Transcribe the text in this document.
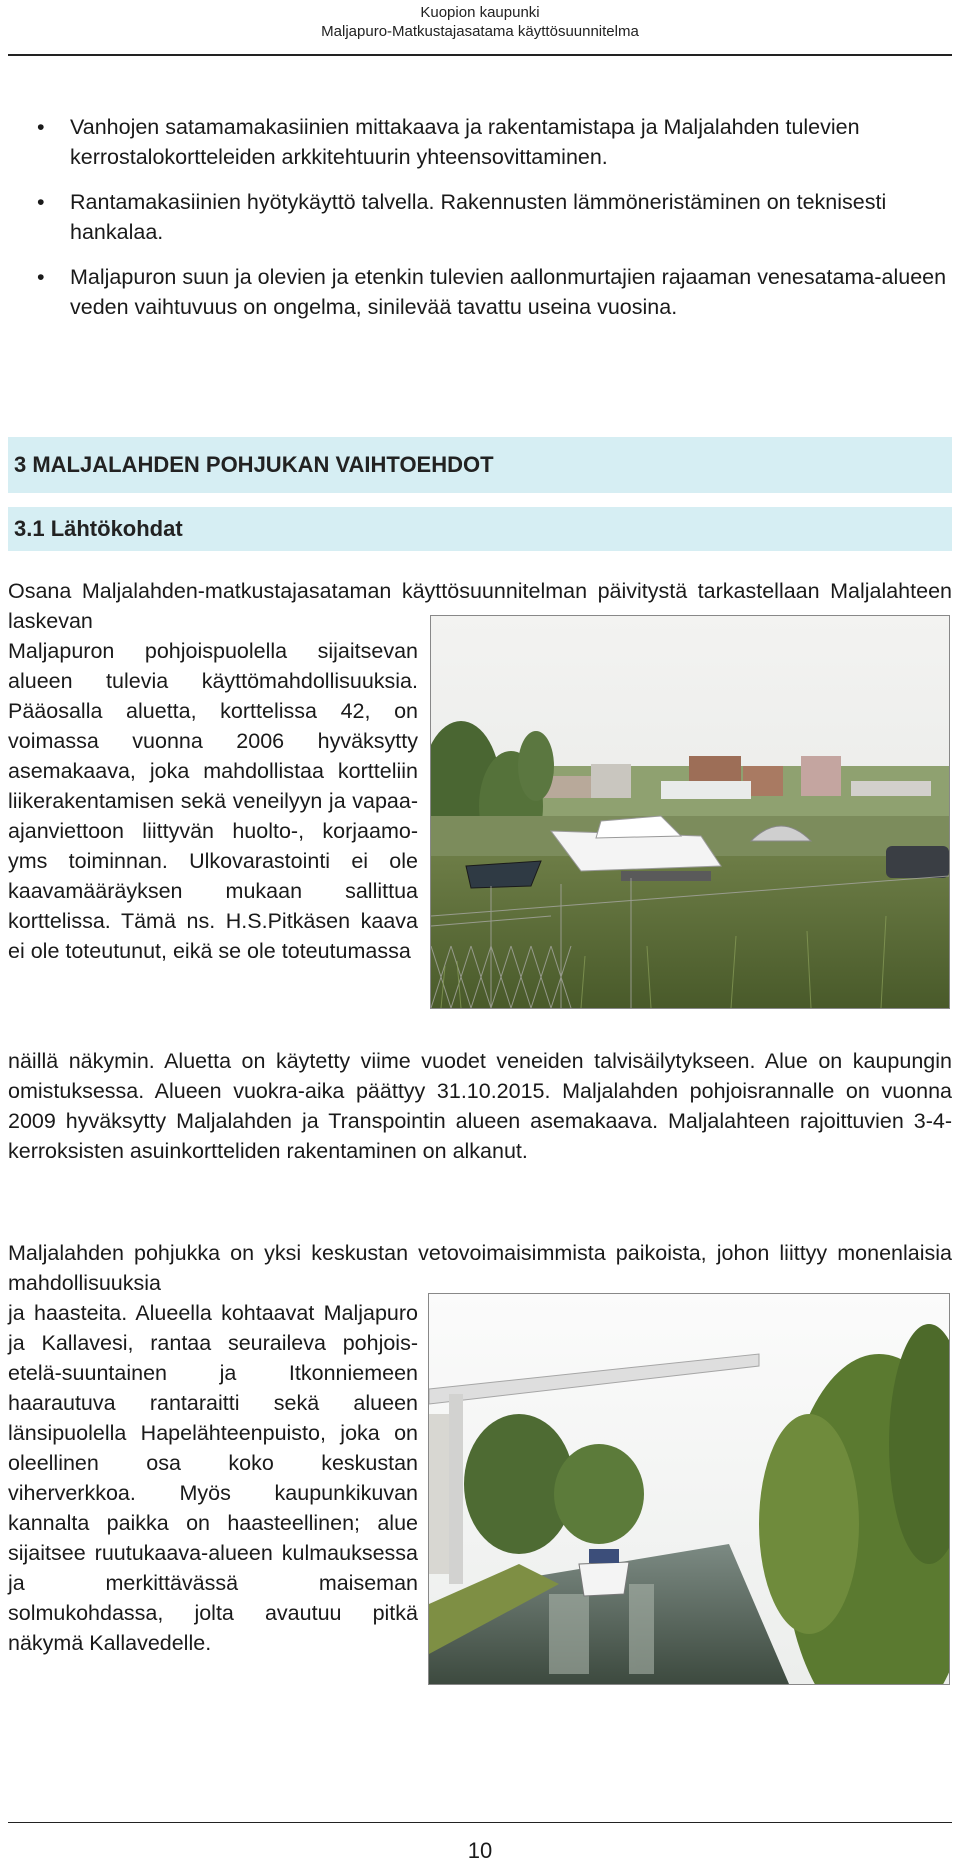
Kuopion kaupunki
Maljapuro-Matkustajasatama käyttösuunnitelma
• Vanhojen satamamakasiinien mittakaava ja rakentamistapa ja Maljalahden tulevien kerrostalokortteleiden arkkitehtuurin yhteensovittaminen.
• Rantamakasiinien hyötykäyttö talvella. Rakennusten lämmöneristäminen on teknisesti hankalaa.
• Maljapuron suun ja olevien ja etenkin tulevien aallonmurtajien rajaaman venesatama-alueen veden vaihtuvuus on ongelma, sinilevää tavattu useina vuosina.
3 MALJALAHDEN POHJUKAN VAIHTOEHDOT
3.1 Lähtökohdat

Osana Maljalahden-matkustajasataman käyttösuunnitelman päivitystä tarkastellaan Maljalahteen laskevan

Maljapuron pohjoispuolella sijaitsevan alueen tulevia käyttömahdollisuuksia. Pääosalla aluetta, korttelissa 42, on voimassa vuonna 2006 hyväksytty asemakaava, joka mahdollistaa kortteliin liikerakentamisen sekä veneilyyn ja vapaa-ajanviettoon liittyvän huolto-, korjaamo- yms toiminnan. Ulkovarastointi ei ole kaavamääräyksen mukaan sallittua korttelissa. Tämä ns. H.S.Pitkäsen kaava ei ole toteutunut, eikä se ole toteutumassa

näillä näkymin. Aluetta on käytetty viime vuodet veneiden talvisäilytykseen. Alue on kaupungin omistuksessa. Alueen vuokra-aika päättyy 31.10.2015. Maljalahden pohjoisrannalle on vuonna 2009 hyväksytty Maljalahden ja Transpointin alueen asemakaava. Maljalahteen rajoittuvien 3-4-kerroksisten asuinkortteliden rakentaminen on alkanut.

Maljalahden pohjukka on yksi keskustan vetovoimaisimmista paikoista, johon liittyy monenlaisia mahdollisuuksia

ja haasteita. Alueella kohtaavat Maljapuro ja Kallavesi, rantaa seuraileva pohjois-etelä-suuntainen ja Itkonniemeen haarautuva rantaraitti sekä alueen länsipuolella Hapelähteenpuisto, joka on oleellinen osa koko keskustan viherverkkoa. Myös kaupunkikuvan kannalta paikka on haasteellinen; alue sijaitsee ruutukaava-alueen kulmauksessa ja merkittävässä maiseman solmukohdassa, jolta avautuu pitkä näkymä Kallavedelle.

10
